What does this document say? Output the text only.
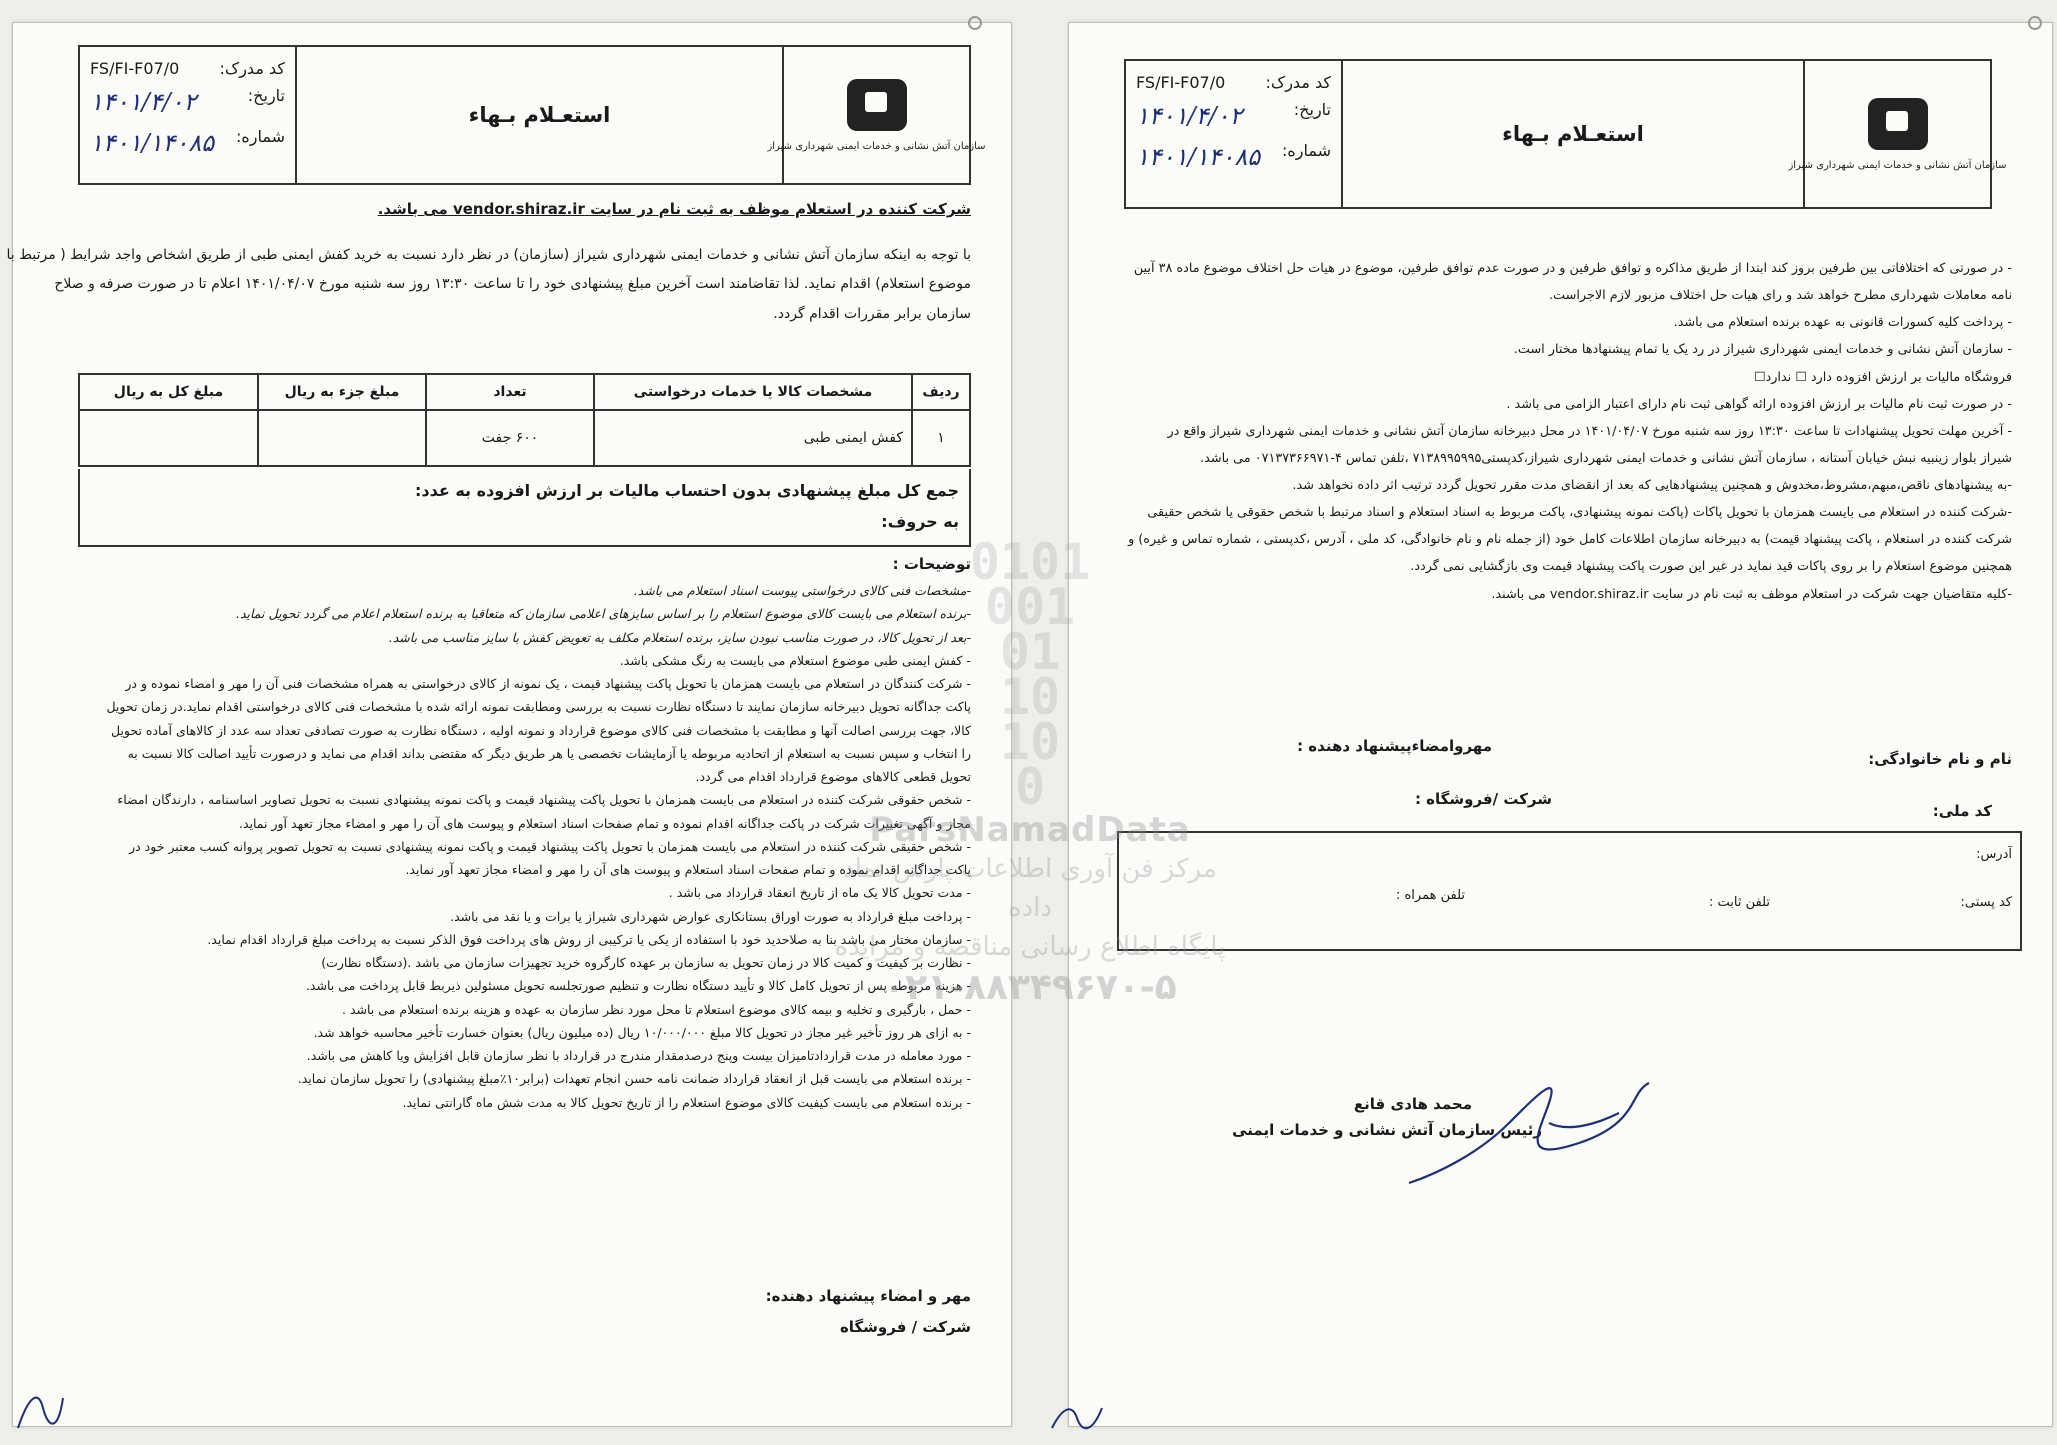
سازمان آتش نشانی و خدمات ایمنی شهرداری شیراز
استعـلام بـهاء
کد مدرک:
FS/FI-F07/0
تاریخ:
۱۴۰۱/۴/۰۲
شماره:
۱۴۰۱/۱۴۰۸۵
شرکت کننده در استعلام موظف به ثبت نام در سایت vendor.shiraz.ir می باشد.
با توجه به اینکه سازمان آتش نشانی و خدمات ایمنی شهرداری شیراز (سازمان) در نظر دارد نسبت به خرید کفش ایمنی طبی از طریق اشخاص واجد شرایط ( مرتبط با
موضوع استعلام) اقدام نماید. لذا تقاضامند است آخرین مبلغ پیشنهادی خود را تا ساعت ۱۳:۳۰ روز سه شنبه مورخ ۱۴۰۱/۰۴/۰۷ اعلام تا در صورت صرفه و صلاح
سازمان برابر مقررات اقدام گردد.
ردیف	مشخصات کالا یا خدمات درخواستی	تعداد	مبلغ جزء به ریال	مبلغ کل به ریال
۱	کفش ایمنی طبی	۶۰۰ جفت		
جمع کل مبلغ پیشنهادی بدون احتساب مالیات بر ارزش افزوده به عدد:
به حروف:
توضیحات :
-مشخصات فنی کالای درخواستی پیوست اسناد استعلام می باشد.
-برنده استعلام می بایست کالای موضوع استعلام را بر اساس سایزهای اعلامی سازمان که متعاقبا به برنده استعلام اعلام می گردد تحویل نماید.
-بعد از تحویل کالا، در صورت مناسب نبودن سایز، برنده استعلام مکلف به تعویض کفش با سایز مناسب می باشد.
- کفش ایمنی طبی موضوع استعلام می بایست به رنگ مشکی باشد.
- شرکت کنندگان در استعلام می بایست همزمان با تحویل پاکت پیشنهاد قیمت ، یک نمونه از کالای درخواستی به همراه مشخصات فنی آن را مهر و امضاء نموده و در
پاکت جداگانه تحویل دبیرخانه سازمان نمایند تا دستگاه نظارت نسبت به بررسی ومطابقت نمونه ارائه شده با مشخصات فنی کالای درخواستی اقدام نماید.در زمان تحویل
کالا، جهت بررسی اصالت آنها و مطابقت با مشخصات فنی کالای موضوع قرارداد و نمونه اولیه ، دستگاه نظارت به صورت تصادفی تعداد سه عدد از کالاهای آماده تحویل
را انتخاب و سپس نسبت به استعلام از اتحادیه مربوطه یا آزمایشات تخصصی یا هر طریق دیگر که مقتضی بداند اقدام می نماید و درصورت تأیید اصالت کالا نسبت به
تحویل قطعی کالاهای موضوع قرارداد اقدام می گردد.
- شخص حقوقی شرکت کننده در استعلام می بایست همزمان با تحویل پاکت پیشنهاد قیمت و پاکت نمونه پیشنهادی نسبت به تحویل تصاویر اساسنامه ، دارندگان امضاء
مجاز و آگهی تغییرات شرکت در پاکت جداگانه اقدام نموده و تمام صفحات اسناد استعلام و پیوست های آن را مهر و امضاء مجاز تعهد آور نماید.
- شخص حقیقی شرکت کننده در استعلام می بایست همزمان با تحویل پاکت پیشنهاد قیمت و پاکت نمونه پیشنهادی نسبت به تحویل تصویر پروانه کسب معتبر خود در
پاکت جداگانه اقدام نموده و تمام صفحات اسناد استعلام و پیوست های آن را مهر و امضاء مجاز تعهد آور نماید.
- مدت تحویل کالا یک ماه از تاریخ انعقاد قرارداد می باشد .
- پرداخت مبلغ قرارداد به صورت اوراق بستانکاری عوارض شهرداری شیراز یا برات و یا نقد می باشد.
- سازمان مختار می باشد بنا به صلاحدید خود با استفاده از یکی یا ترکیبی از روش های پرداخت فوق الذکر نسبت به پرداخت مبلغ قرارداد اقدام نماید.
- نظارت بر کیفیت و کمیت کالا در زمان تحویل به سازمان بر عهده کارگروه خرید تجهیزات سازمان می باشد .(دستگاه نظارت)
- هزینه مربوطه پس از تحویل کامل کالا و تأیید دستگاه نظارت و تنظیم صورتجلسه تحویل مسئولین ذیربط قابل پرداخت می باشد.
- حمل ، بارگیری و تخلیه و بیمه کالای موضوع استعلام تا محل مورد نظر سازمان به عهده و هزینه برنده استعلام می باشد .
- به ازای هر روز تأخیر غیر مجاز در تحویل کالا مبلغ ۱۰/۰۰۰/۰۰۰ ریال (ده میلیون ریال) بعنوان خسارت تأخیر محاسبه خواهد شد.
- مورد معامله در مدت قراردادتامیزان بیست وپنج درصدمقدار مندرج در قرارداد با نظر سازمان قابل افزایش ویا کاهش می باشد.
- برنده استعلام می بایست قبل از انعقاد قرارداد ضمانت نامه حسن انجام تعهدات (برابر۱۰٪مبلغ پیشنهادی) را تحویل سازمان نماید.
- برنده استعلام می بایست کیفیت کالای موضوع استعلام را از تاریخ تحویل کالا به مدت شش ماه گارانتی نماید.
مهر و امضاء پیشنهاد دهنده:
شرکت / فروشگاه
سازمان آتش نشانی و خدمات ایمنی شهرداری شیراز
استعـلام بـهاء
کد مدرک:
FS/FI-F07/0
تاریخ:
۱۴۰۱/۴/۰۲
شماره:
۱۴۰۱/۱۴۰۸۵
- در صورتی که اختلافاتی بین طرفین بروز کند ابتدا از طریق مذاکره و توافق طرفین و در صورت عدم توافق طرفین، موضوع در هیات حل اختلاف موضوع ماده ۳۸ آیین
نامه معاملات شهرداری مطرح خواهد شد و رای هیات حل اختلاف مزبور لازم الاجراست.
- پرداخت کلیه کسورات قانونی به عهده برنده استعلام می باشد.
- سازمان آتش نشانی و خدمات ایمنی شهرداری شیراز در رد یک یا تمام پیشنهادها مختار است.
فروشگاه مالیات بر ارزش افزوده دارد ☐ ندارد☐
- در صورت ثبت نام مالیات بر ارزش افزوده ارائه گواهی ثبت نام دارای اعتبار الزامی می باشد .
- آخرین مهلت تحویل پیشنهادات تا ساعت ۱۳:۳۰ روز سه شنبه مورخ ۱۴۰۱/۰۴/۰۷ در محل دبیرخانه سازمان آتش نشانی و خدمات ایمنی شهرداری شیراز واقع در
شیراز بلوار زینبیه نبش خیابان آستانه ، سازمان آتش نشانی و خدمات ایمنی شهرداری شیراز،کدپستی۷۱۳۸۹۹۵۹۹۵ ،تلفن تماس ۴-۰۷۱۳۷۳۶۶۹۷۱ می باشد.
-به پیشنهادهای ناقص،مبهم،مشروط،مخدوش و همچنین پیشنهادهایی که بعد از انقضای مدت مقرر تحویل گردد ترتیب اثر داده نخواهد شد.
-شرکت کننده در استعلام می بایست همزمان با تحویل پاکات (پاکت نمونه پیشنهادی، پاکت مربوط به اسناد استعلام و اسناد مرتبط با شخص حقوقی یا شخص حقیقی
شرکت کننده در استعلام ، پاکت پیشنهاد قیمت) به دبیرخانه سازمان اطلاعات کامل خود (از جمله نام و نام خانوادگی، کد ملی ، آدرس ،کدپستی ، شماره تماس و غیره) و
همچنین موضوع استعلام را بر روی پاکات قید نماید در غیر این صورت پاکت پیشنهاد قیمت وی بازگشایی نمی گردد.
-کلیه متقاضیان جهت شرکت در استعلام موظف به ثبت نام در سایت vendor.shiraz.ir می باشند.
نام و نام خانوادگی:
مهروامضاءپیشنهاد دهنده :
کد ملی:
شرکت /فروشگاه :
آدرس:
کد پستی:
تلفن ثابت :
تلفن همراه :
محمد هادی قانع
رئیس سازمان آتش نشانی و خدمات ایمنی
0101
001
01
10
10
0
ParsNamadData
مرکز فن آوری اطلاعات پارس نماد داده
پایگاه اطلاع رسانی مناقصه و مزایده
۰۲۱-۸۸۳۴۹۶۷۰-۵
